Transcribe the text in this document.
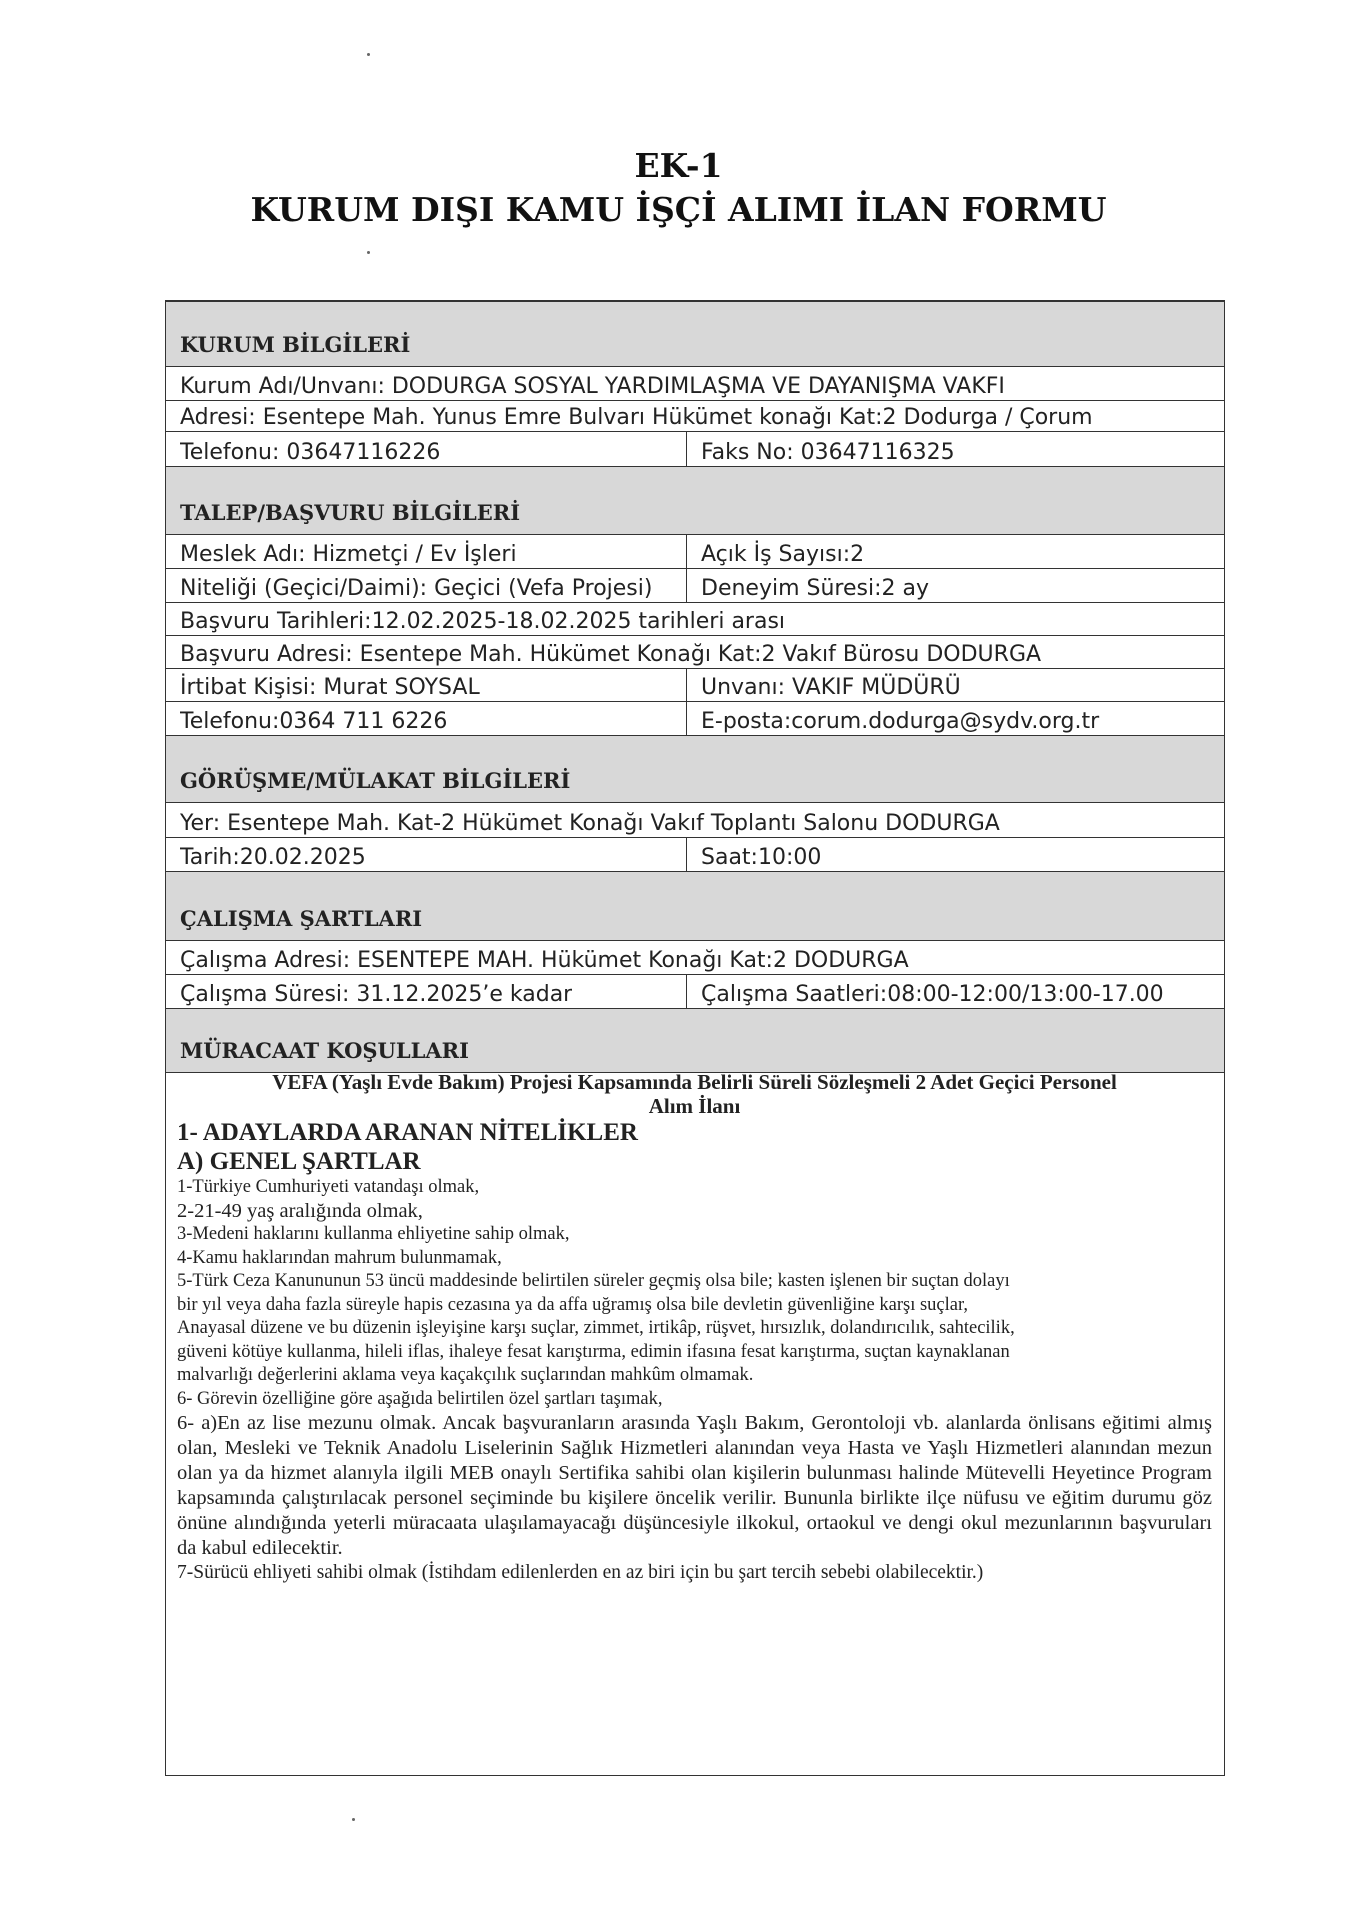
EK-1
KURUM DIŞI KAMU İŞÇİ ALIMI İLAN FORMU
KURUM BİLGİLERİ
Kurum Adı/Unvanı: DODURGA SOSYAL YARDIMLAŞMA VE DAYANIŞMA VAKFI
Adresi: Esentepe Mah. Yunus Emre Bulvarı Hükümet konağı Kat:2 Dodurga / Çorum
Telefonu: 03647116226	Faks No: 03647116325
TALEP/BAŞVURU BİLGİLERİ
Meslek Adı: Hizmetçi / Ev İşleri	Açık İş Sayısı:2
Niteliği (Geçici/Daimi): Geçici (Vefa Projesi)	Deneyim Süresi:2 ay
Başvuru Tarihleri:12.02.2025-18.02.2025 tarihleri arası
Başvuru Adresi: Esentepe Mah. Hükümet Konağı Kat:2 Vakıf Bürosu DODURGA
İrtibat Kişisi: Murat SOYSAL	Unvanı: VAKIF MÜDÜRÜ
Telefonu:0364 711 6226	E-posta:corum.dodurga@sydv.org.tr
GÖRÜŞME/MÜLAKAT BİLGİLERİ
Yer: Esentepe Mah. Kat-2 Hükümet Konağı Vakıf Toplantı Salonu DODURGA
Tarih:20.02.2025	Saat:10:00
ÇALIŞMA ŞARTLARI
Çalışma Adresi: ESENTEPE MAH. Hükümet Konağı Kat:2 DODURGA
Çalışma Süresi: 31.12.2025’e kadar	Çalışma Saatleri:08:00-12:00/13:00-17.00
MÜRACAAT KOŞULLARI
VEFA (Yaşlı Evde Bakım) Projesi Kapsamında Belirli Süreli Sözleşmeli 2 Adet Geçici Personel
Alım İlanı
1- ADAYLARDA ARANAN NİTELİKLER
A) GENEL ŞARTLAR
1-Türkiye Cumhuriyeti vatandaşı olmak,
2-21-49 yaş aralığında olmak,
3-Medeni haklarını kullanma ehliyetine sahip olmak,
4-Kamu haklarından mahrum bulunmamak,
5-Türk Ceza Kanununun 53 üncü maddesinde belirtilen süreler geçmiş olsa bile; kasten işlenen bir suçtan dolayı
bir yıl veya daha fazla süreyle hapis cezasına ya da affa uğramış olsa bile devletin güvenliğine karşı suçlar,
Anayasal düzene ve bu düzenin işleyişine karşı suçlar, zimmet, irtikâp, rüşvet, hırsızlık, dolandırıcılık, sahtecilik,
güveni kötüye kullanma, hileli iflas, ihaleye fesat karıştırma, edimin ifasına fesat karıştırma, suçtan kaynaklanan
malvarlığı değerlerini aklama veya kaçakçılık suçlarından mahkûm olmamak.
6- Görevin özelliğine göre aşağıda belirtilen özel şartları taşımak,
6- a)En az lise mezunu olmak. Ancak başvuranların arasında Yaşlı Bakım, Gerontoloji vb. alanlarda önlisans eğitimi almış olan, Mesleki ve Teknik Anadolu Liselerinin Sağlık Hizmetleri alanından veya Hasta ve Yaşlı Hizmetleri alanından mezun olan ya da hizmet alanıyla ilgili MEB onaylı Sertifika sahibi olan kişilerin bulunması halinde Mütevelli Heyetince Program kapsamında çalıştırılacak personel seçiminde bu kişilere öncelik verilir. Bununla birlikte ilçe nüfusu ve eğitim durumu göz önüne alındığında yeterli müracaata ulaşılamayacağı düşüncesiyle ilkokul, ortaokul ve dengi okul mezunlarının başvuruları da kabul edilecektir.
7-Sürücü ehliyeti sahibi olmak (İstihdam edilenlerden en az biri için bu şart tercih sebebi olabilecektir.)
